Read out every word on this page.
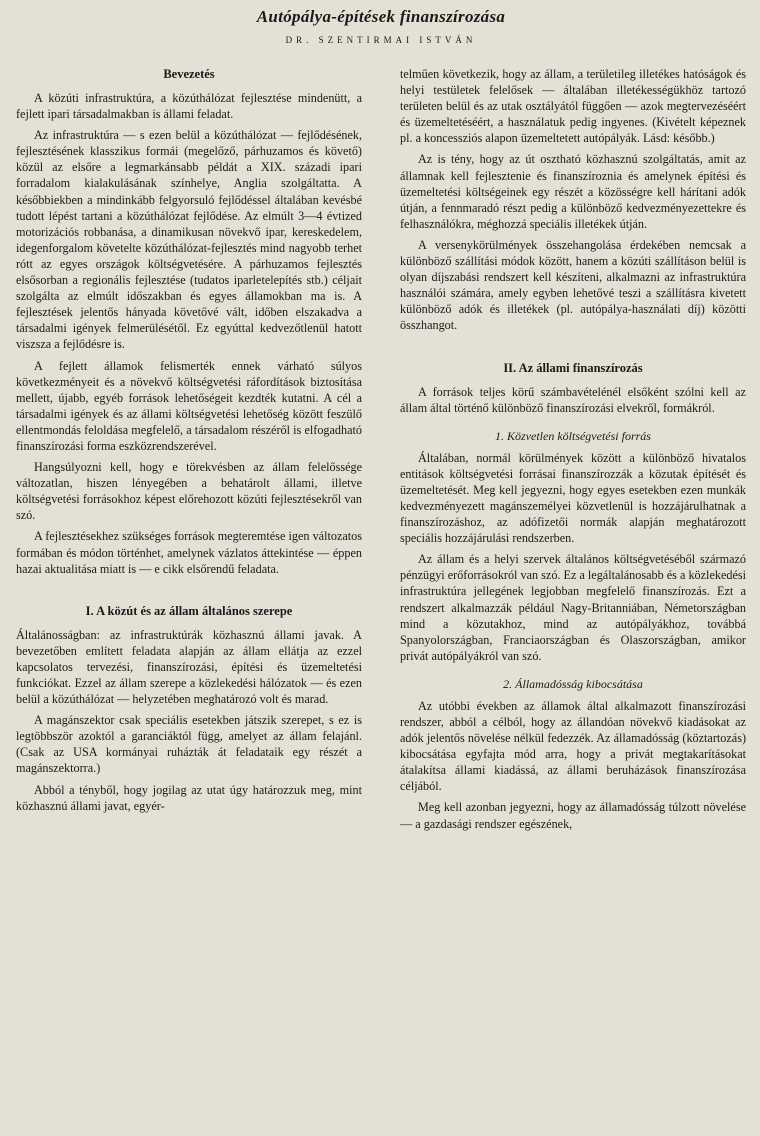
Autópálya-építések finanszírozása

DR. SZENTIRMAI ISTVÁN

Bevezetés

A közúti infrastruktúra, a közúthálózat fejlesztése mindenütt, a fejlett ipari társadalmakban is állami feladat.

Az infrastruktúra — s ezen belül a közúthálózat — fejlődésének, fejlesztésének klasszikus formái (megelőző, párhuzamos és követő) közül az elsőre a legmarkánsabb példát a XIX. századi ipari forradalom kialakulásának színhelye, Anglia szolgáltatta. A későbbiekben a mindinkább felgyorsuló fejlődéssel általában kevésbé tudott lépést tartani a közúthálózat fejlődése. Az elmúlt 3—4 évtized motorizációs robbanása, a dinamikusan növekvő ipar, kereskedelem, idegenforgalom követelte közúthálózat-fejlesztés mind nagyobb terhet rótt az egyes országok költségvetésére. A párhuzamos fejlesztés elsősorban a regionális fejlesztése (tudatos iparletelepítés stb.) céljait szolgálta az elmúlt időszakban és egyes államokban ma is. A fejlesztések jelentős hányada követővé vált, időben elszakadva a társadalmi igények felmerülésétől. Ez egyúttal kedvezőtlenül hatott viszsza a fejlődésre is.

A fejlett államok felismerték ennek várható súlyos következményeit és a növekvő költségvetési ráfordítások biztosítása mellett, újabb, egyéb források lehetőségeit kezdték kutatni. A cél a társadalmi igények és az állami költségvetési lehetőség között feszülő ellentmondás feloldása megfelelő, a társadalom részéről is elfogadható finanszírozási forma eszközrendszerével.

Hangsúlyozni kell, hogy e törekvésben az állam felelőssége változatlan, hiszen lényegében a behatárolt állami, illetve költségvetési forrásokhoz képest előrehozott közúti fejlesztésekről van szó.

A fejlesztésekhez szükséges források megteremtése igen változatos formában és módon történhet, amelynek vázlatos áttekintése — éppen hazai aktualitása miatt is — e cikk elsőrendű feladata.

I. A közút és az állam általános szerepe

Általánosságban: az infrastruktúrák közhasznú állami javak. A bevezetőben említett feladata alapján az állam ellátja az ezzel kapcsolatos tervezési, finanszírozási, építési és üzemeltetési funkciókat. Ezzel az állam szerepe a közlekedési hálózatok — és ezen belül a közúthálózat — helyzetében meghatározó volt és marad.

A magánszektor csak speciális esetekben játszik szerepet, s ez is legtöbbször azoktól a garanciáktól függ, amelyet az állam felajánl. (Csak az USA kormányai ruházták át feladataik egy részét a magánszektorra.)

Abból a tényből, hogy jogilag az utat úgy határozzuk meg, mint közhasznú állami javat, egyér-

telműen következik, hogy az állam, a területileg illetékes hatóságok és helyi testületek felelősek — általában illetékességükhöz tartozó területen belül és az utak osztályától függően — azok megtervezéséért és üzemeltetéséért, a használatuk pedig ingyenes. (Kivételt képeznek pl. a koncessziós alapon üzemeltetett autópályák. Lásd: később.)

Az is tény, hogy az út osztható közhasznú szolgáltatás, amit az államnak kell fejlesztenie és finanszíroznia és amelynek építési és üzemeltetési költségeinek egy részét a közösségre kell hárítani adók útján, a fennmaradó részt pedig a különböző kedvezményezettekre és felhasználókra, méghozzá speciális illetékek útján.

A versenykörülmények összehangolása érdekében nemcsak a különböző szállítási módok között, hanem a közúti szállításon belül is olyan díjszabási rendszert kell készíteni, alkalmazni az infrastruktúra használói számára, amely egyben lehetővé teszi a szállításra kivetett különböző adók és illetékek (pl. autópálya-használati díj) közötti összhangot.

II. Az állami finanszírozás

A források teljes körű számbavételénél elsőként szólni kell az állam által történő különböző finanszírozási elvekről, formákról.

1. Közvetlen költségvetési forrás

Általában, normál körülmények között a különböző hivatalos entitások költségvetési forrásai finanszírozzák a közutak építését és üzemeltetését. Meg kell jegyezni, hogy egyes esetekben ezen munkák kedvezményezett magánszemélyei közvetlenül is hozzájárulhatnak a finanszírozáshoz, az adófizetői normák alapján meghatározott speciális hozzájárulási rendszerben.

Az állam és a helyi szervek általános költségvetéséből származó pénzügyi erőforrásokról van szó. Ez a legáltalánosabb és a közlekedési infrastruktúra jellegének legjobban megfelelő finanszírozás. Ezt a rendszert alkalmazzák például Nagy-Britanniában, Németországban mind a közutakhoz, mind az autópályákhoz, továbbá Spanyolországban, Franciaországban és Olaszországban, amikor privát autópályákról van szó.

2. Államadósság kibocsátása

Az utóbbi években az államok által alkalmazott finanszírozási rendszer, abból a célból, hogy az állandóan növekvő kiadásokat az adók jelentős növelése nélkül fedezzék. Az államadósság (köztartozás) kibocsátása egyfajta mód arra, hogy a privát megtakarításokat átalakítsa állami kiadássá, az állami beruházások finanszírozása céljából.

Meg kell azonban jegyezni, hogy az államadósság túlzott növelése — a gazdasági rendszer egészének,
